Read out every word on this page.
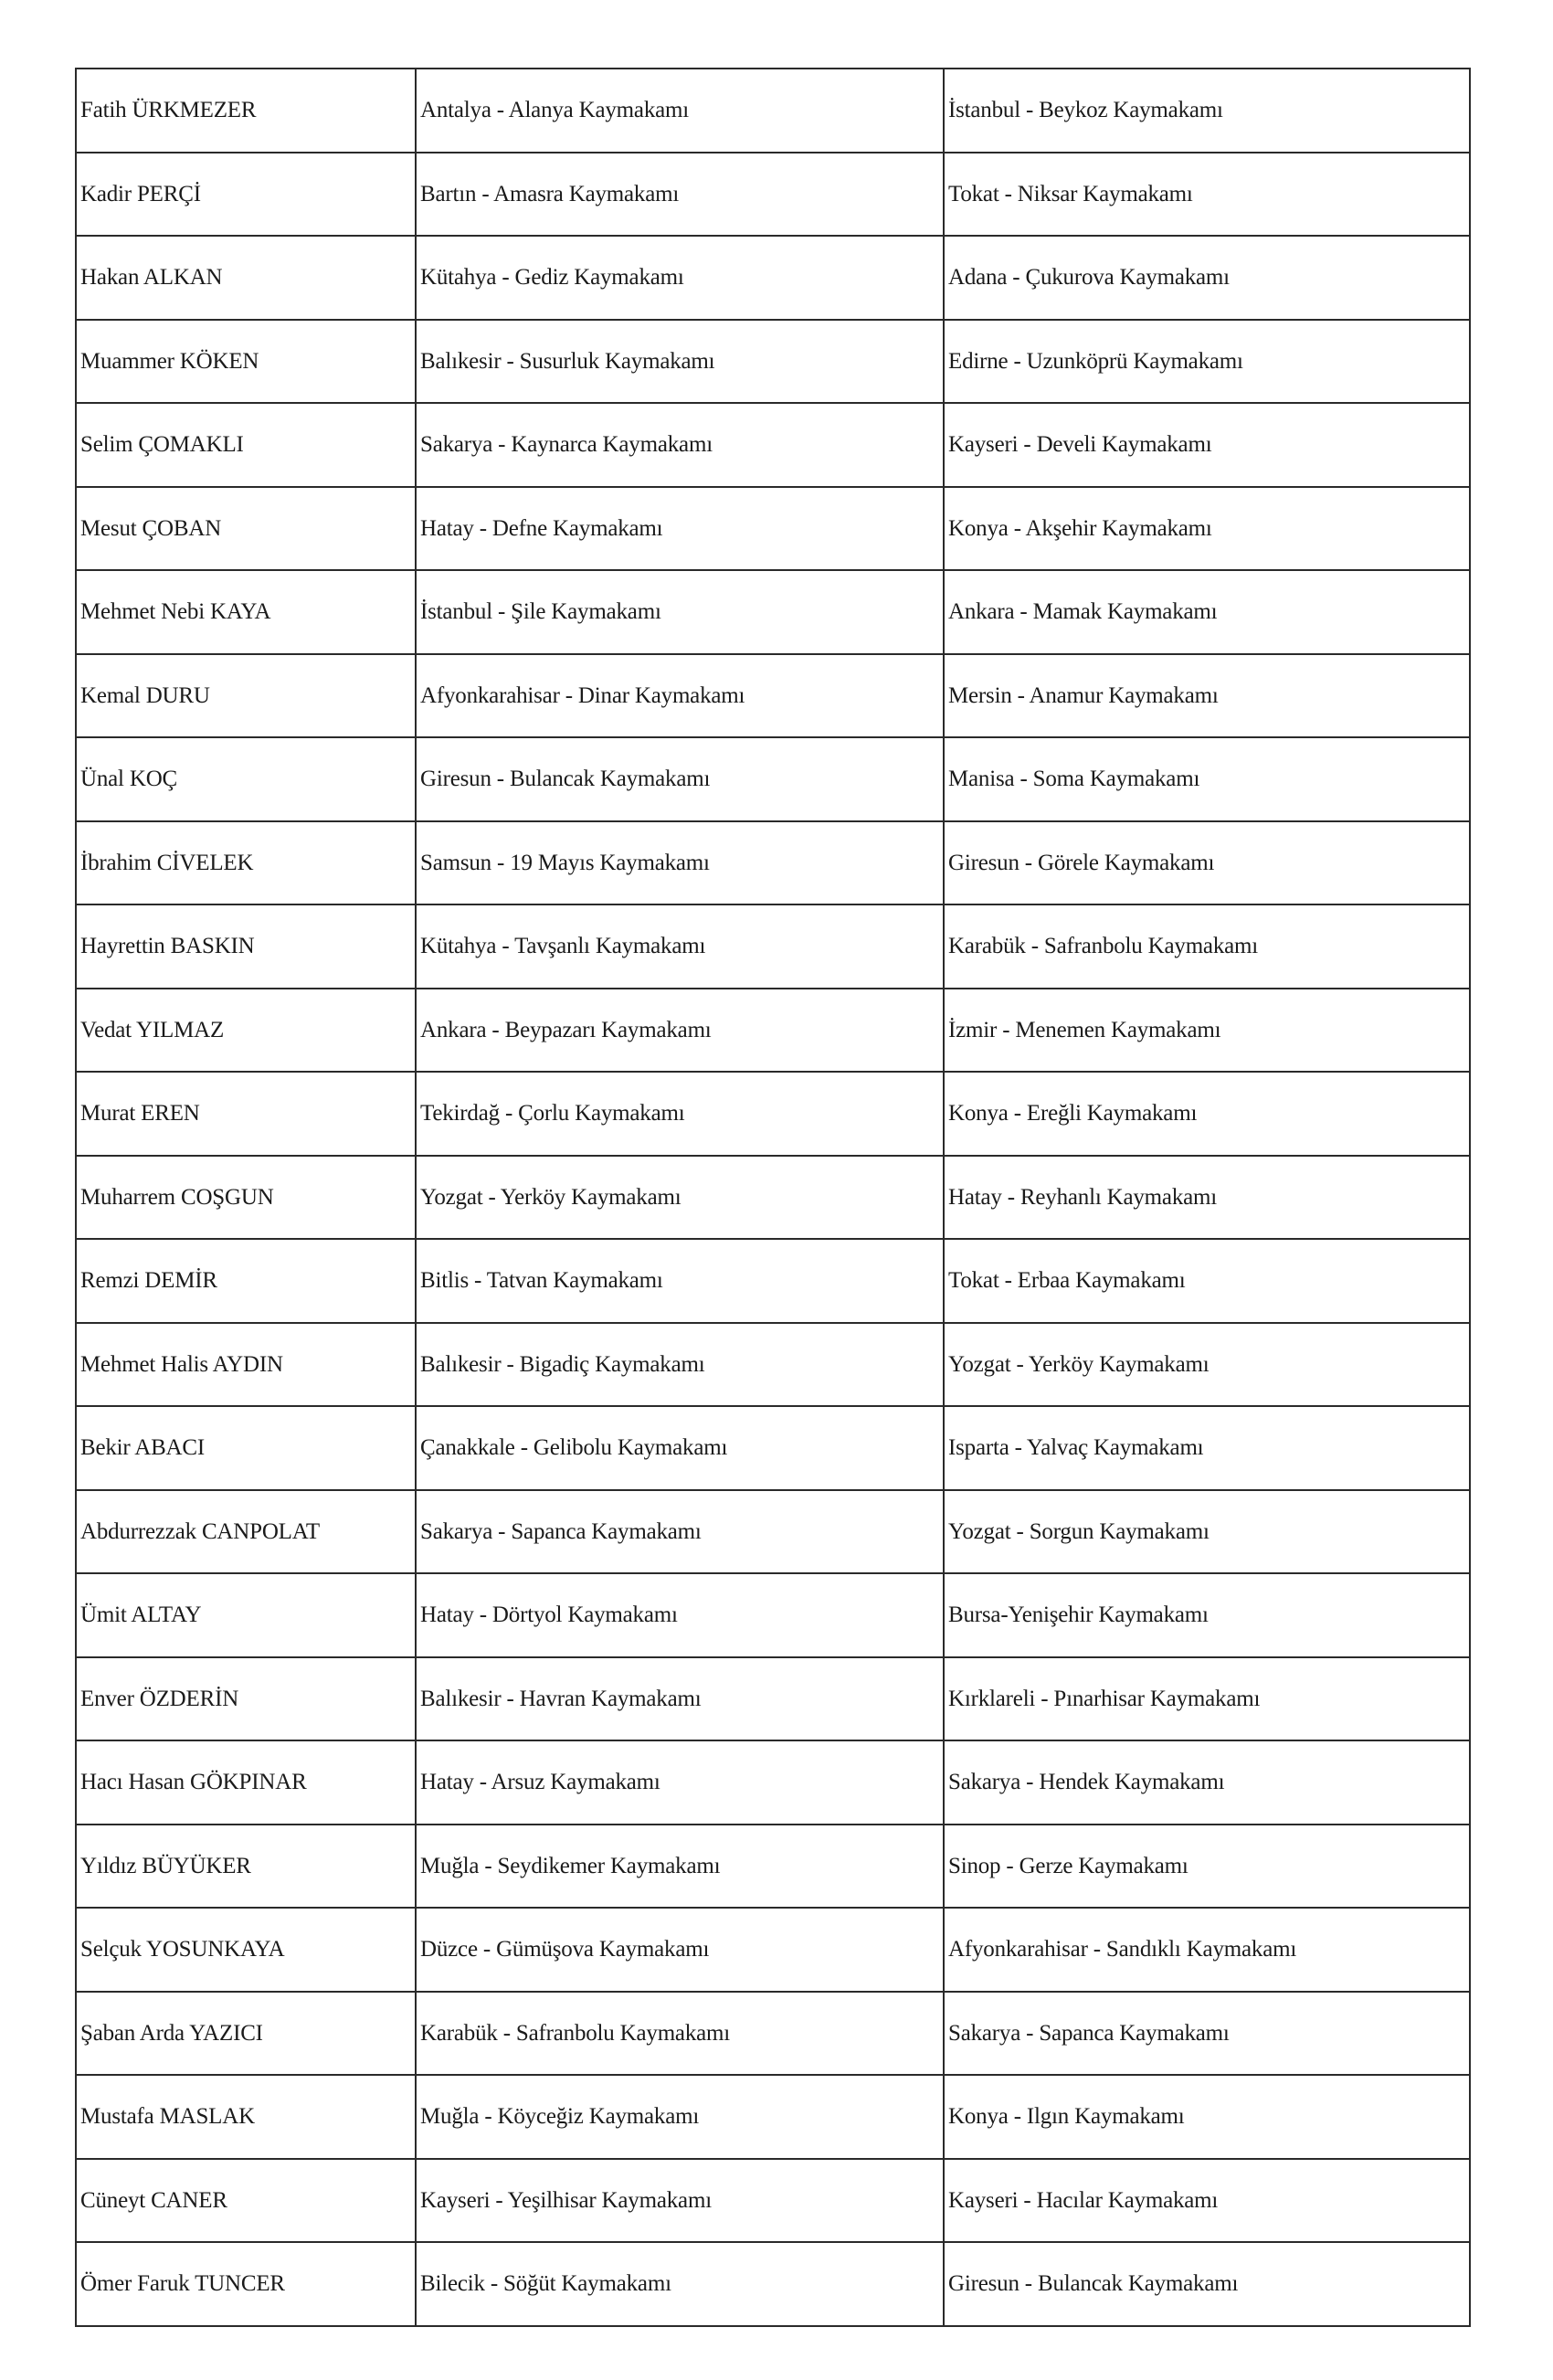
Fatih ÜRKMEZER	Antalya - Alanya Kaymakamı	İstanbul - Beykoz Kaymakamı
Kadir PERÇİ	Bartın - Amasra Kaymakamı	Tokat - Niksar Kaymakamı
Hakan ALKAN	Kütahya - Gediz Kaymakamı	Adana - Çukurova Kaymakamı
Muammer KÖKEN	Balıkesir - Susurluk Kaymakamı	Edirne - Uzunköprü Kaymakamı
Selim ÇOMAKLI	Sakarya - Kaynarca Kaymakamı	Kayseri - Develi Kaymakamı
Mesut ÇOBAN	Hatay - Defne Kaymakamı	Konya - Akşehir Kaymakamı
Mehmet Nebi KAYA	İstanbul - Şile Kaymakamı	Ankara - Mamak Kaymakamı
Kemal DURU	Afyonkarahisar - Dinar Kaymakamı	Mersin - Anamur Kaymakamı
Ünal KOÇ	Giresun - Bulancak Kaymakamı	Manisa - Soma Kaymakamı
İbrahim CİVELEK	Samsun - 19 Mayıs Kaymakamı	Giresun - Görele Kaymakamı
Hayrettin BASKIN	Kütahya - Tavşanlı Kaymakamı	Karabük - Safranbolu Kaymakamı
Vedat YILMAZ	Ankara - Beypazarı Kaymakamı	İzmir - Menemen Kaymakamı
Murat EREN	Tekirdağ - Çorlu Kaymakamı	Konya - Ereğli Kaymakamı
Muharrem COŞGUN	Yozgat - Yerköy Kaymakamı	Hatay - Reyhanlı Kaymakamı
Remzi DEMİR	Bitlis - Tatvan Kaymakamı	Tokat - Erbaa Kaymakamı
Mehmet Halis AYDIN	Balıkesir - Bigadiç Kaymakamı	Yozgat - Yerköy Kaymakamı
Bekir ABACI	Çanakkale - Gelibolu Kaymakamı	Isparta - Yalvaç Kaymakamı
Abdurrezzak CANPOLAT	Sakarya - Sapanca Kaymakamı	Yozgat - Sorgun Kaymakamı
Ümit ALTAY	Hatay - Dörtyol Kaymakamı	Bursa-Yenişehir Kaymakamı
Enver ÖZDERİN	Balıkesir - Havran Kaymakamı	Kırklareli - Pınarhisar Kaymakamı
Hacı Hasan GÖKPINAR	Hatay - Arsuz Kaymakamı	Sakarya - Hendek Kaymakamı
Yıldız BÜYÜKER	Muğla - Seydikemer Kaymakamı	Sinop - Gerze Kaymakamı
Selçuk YOSUNKAYA	Düzce - Gümüşova Kaymakamı	Afyonkarahisar - Sandıklı Kaymakamı
Şaban Arda YAZICI	Karabük - Safranbolu Kaymakamı	Sakarya - Sapanca Kaymakamı
Mustafa MASLAK	Muğla - Köyceğiz Kaymakamı	Konya - Ilgın Kaymakamı
Cüneyt CANER	Kayseri - Yeşilhisar Kaymakamı	Kayseri - Hacılar Kaymakamı
Ömer Faruk TUNCER	Bilecik - Söğüt Kaymakamı	Giresun - Bulancak Kaymakamı
